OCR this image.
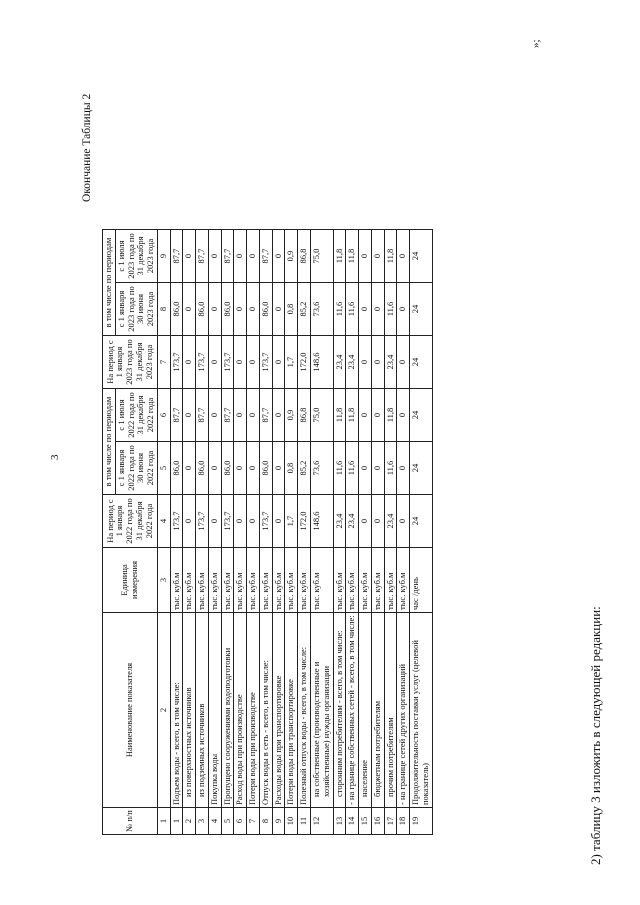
3
Окончание Таблицы 2
№ п/п	Наименование показателя	Единица измерения	На период с 1 января 2022 года по 31 декабря 2022 года	в том числе по периодам		На период с 1 января 2023 года по 31 декабря 2023 года	в том числе по периодам	
				с 1 января 2022 года по 30 июня 2022 года	с 1 июля 2022 года по 31 декабря 2022 года		с 1 января 2023 года по 30 июня 2023 года	с 1 июля 2023 года по 31 декабря 2023 года
1	2	3	4	5	6	7	8	9
1	Подъем воды - всего, в том числе:	тыс. куб.м	173,7	86,0	87,7	173,7	86,0	87,7
2	из поверхностных источников	тыс. куб.м	0	0	0	0	0	0
3	из подземных источников	тыс. куб.м	173,7	86,0	87,7	173,7	86,0	87,7
4	Покупка воды	тыс. куб.м	0	0	0	0	0	0
5	Пропущено сооружениями водоподготовки	тыс. куб.м	173,7	86,0	87,7	173,7	86,0	87,7
6	Расход воды при производстве	тыс. куб.м	0	0	0	0	0	0
7	Потери воды при производстве	тыс. куб.м	0	0	0	0	0	0
8	Отпуск воды в сеть - всего, в том числе:	тыс. куб.м	173,7	86,0	87,7	173,7	86,0	87,7
9	Расходы воды при транспортировке	тыс. куб.м	0	0	0	0	0	0
10	Потери воды при транспортировке	тыс. куб.м	1,7	0,8	0,9	1,7	0,8	0,9
11	Полезный отпуск воды - всего, в том числе:	тыс. куб.м	172,0	85,2	86,8	172,0	85,2	86,8
12	на собственные (производственные и хозяйственные) нужды организации	тыс. куб.м	148,6	73,6	75,0	148,6	73,6	75,0
13	сторонним потребителям - всего, в том числе:	тыс. куб.м	23,4	11,6	11,8	23,4	11,6	11,8
14	- на границе собственных сетей - всего, в том числе:	тыс. куб.м	23,4	11,6	11,8	23,4	11,6	11,8
15	население	тыс. куб.м	0	0	0	0	0	0
16	бюджетным потребителям	тыс. куб.м	0	0	0	0	0	0
17	прочим потребителям	тыс. куб.м	23,4	11,6	11,8	23,4	11,6	11,8
18	- на границе сетей других организаций	тыс. куб.м	0	0	0	0	0	0
19	Продолжительность поставки услуг (целевой показатель)	час /день	24	24	24	24	24	24
»;
2) таблицу 3 изложить в следующей редакции:
